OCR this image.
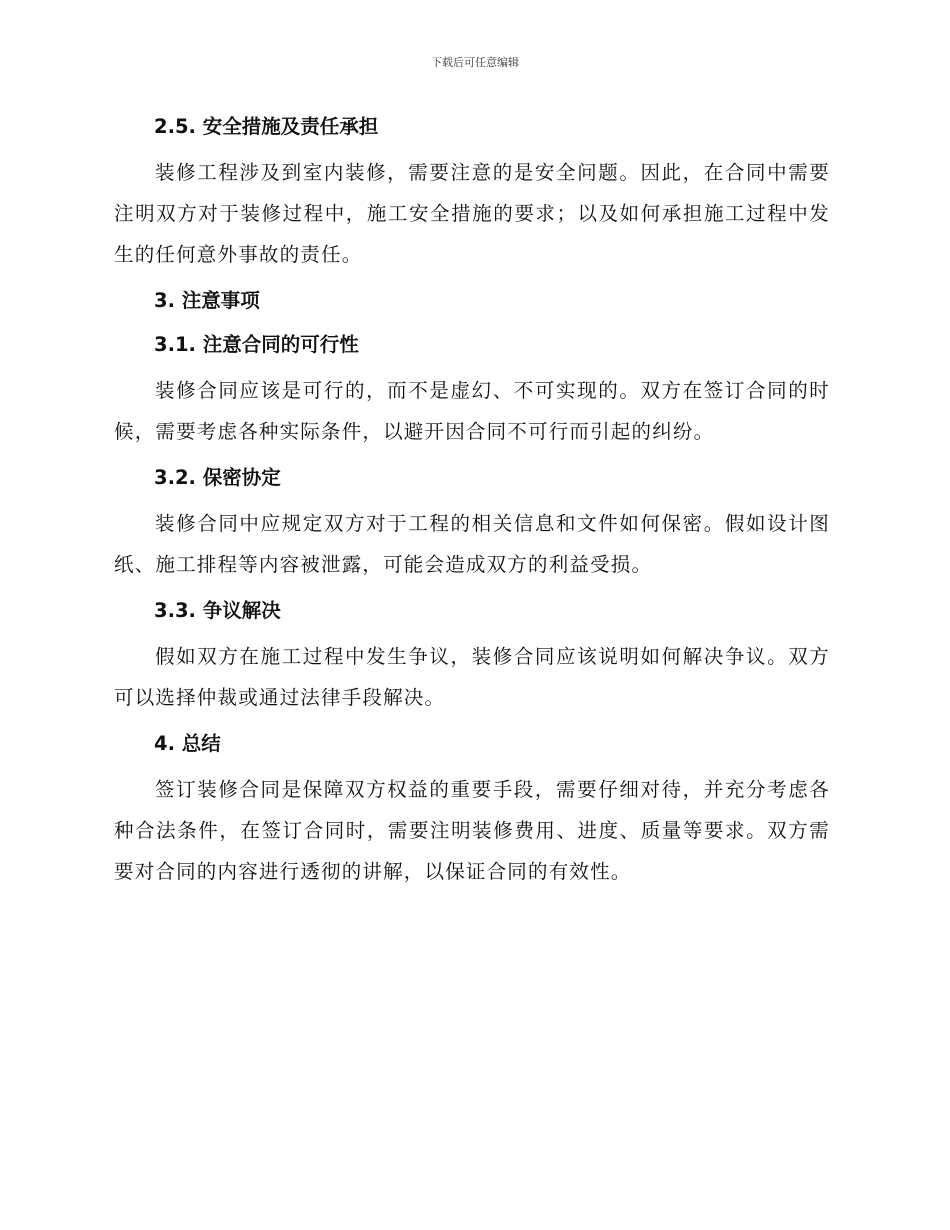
下载后可任意编辑

2.5. 安全措施及责任承担

装修工程涉及到室内装修，需要注意的是安全问题。因此，在合同中需要注明双方对于装修过程中，施工安全措施的要求；以及如何承担施工过程中发生的任何意外事故的责任。

3. 注意事项

3.1. 注意合同的可行性

装修合同应该是可行的，而不是虚幻、不可实现的。双方在签订合同的时候，需要考虑各种实际条件，以避开因合同不可行而引起的纠纷。

3.2. 保密协定

装修合同中应规定双方对于工程的相关信息和文件如何保密。假如设计图纸、施工排程等内容被泄露，可能会造成双方的利益受损。

3.3. 争议解决

假如双方在施工过程中发生争议，装修合同应该说明如何解决争议。双方可以选择仲裁或通过法律手段解决。

4. 总结

签订装修合同是保障双方权益的重要手段，需要仔细对待，并充分考虑各种合法条件，在签订合同时，需要注明装修费用、进度、质量等要求。双方需要对合同的内容进行透彻的讲解，以保证合同的有效性。
